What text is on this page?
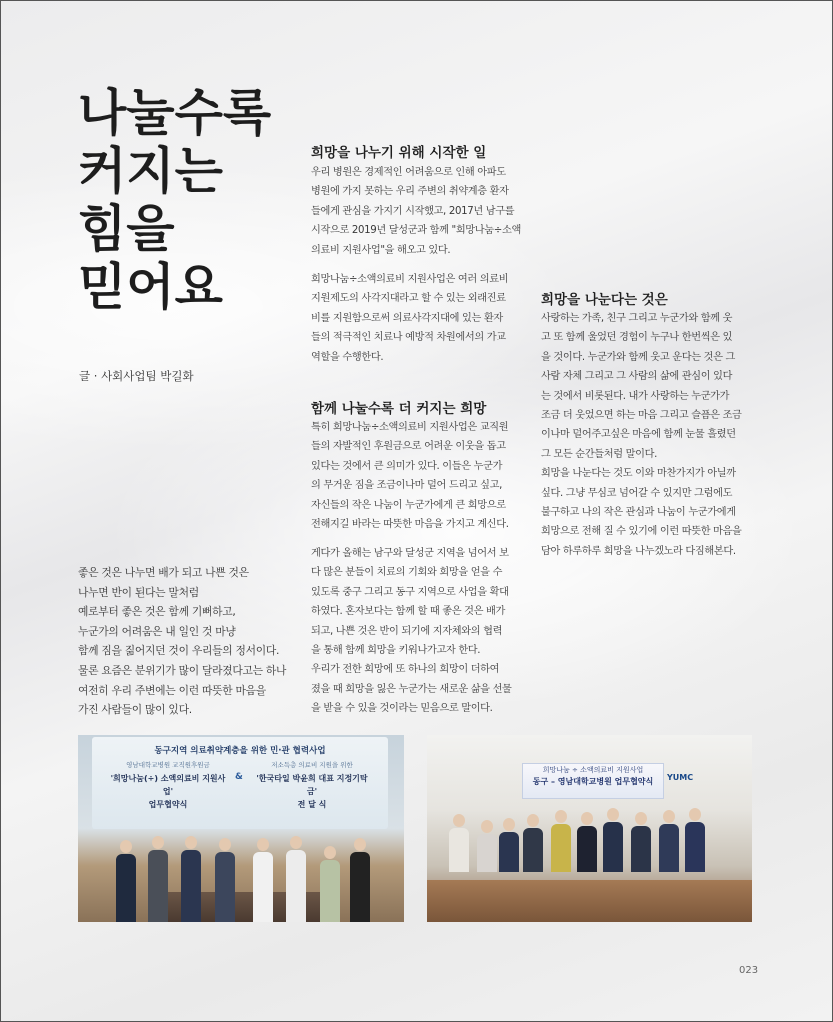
나눌수록
커지는
힘을
믿어요
글 · 사회사업팀 박길화

좋은 것은 나누면 배가 되고 나쁜 것은
나누면 반이 된다는 말처럼
예로부터 좋은 것은 함께 기뻐하고,
누군가의 어려움은 내 일인 것 마냥
함께 짐을 짊어지던 것이 우리들의 정서이다.
물론 요즘은 분위기가 많이 달라졌다고는 하나
여전히 우리 주변에는 이런 따뜻한 마음을
가진 사람들이 많이 있다.

희망을 나누기 위해 시작한 일

우리 병원은 경제적인 어려움으로 인해 아파도
병원에 가지 못하는 우리 주변의 취약계층 환자
들에게 관심을 가지기 시작했고, 2017년 남구를
시작으로 2019년 달성군과 함께 "희망나눔÷소액
의료비 지원사업"을 해오고 있다.

희망나눔÷소액의료비 지원사업은 여러 의료비
지원제도의 사각지대라고 할 수 있는 외래진료
비를 지원함으로써 의료사각지대에 있는 환자
들의 적극적인 치료나 예방적 차원에서의 가교
역할을 수행한다.

함께 나눌수록 더 커지는 희망

특히 희망나눔÷소액의료비 지원사업은 교직원
들의 자발적인 후원금으로 어려운 이웃을 돕고
있다는 것에서 큰 의미가 있다. 이들은 누군가
의 무거운 짐을 조금이나마 덜어 드리고 싶고,
자신들의 작은 나눔이 누군가에게 큰 희망으로
전해지길 바라는 따뜻한 마음을 가지고 계신다.

게다가 올해는 남구와 달성군 지역을 넘어서 보
다 많은 분들이 치료의 기회와 희망을 얻을 수
있도록 중구 그리고 동구 지역으로 사업을 확대
하였다. 혼자보다는 함께 할 때 좋은 것은 배가
되고, 나쁜 것은 반이 되기에 지자체와의 협력
을 통해 함께 희망을 키워나가고자 한다.
우리가 전한 희망에 또 하나의 희망이 더하여
졌을 때 희망을 잃은 누군가는 새로운 삶을 선물
을 받을 수 있을 것이라는 믿음으로 말이다.

희망을 나눈다는 것은

사랑하는 가족, 친구 그리고 누군가와 함께 웃
고 또 함께 울었던 경험이 누구나 한번씩은 있
을 것이다. 누군가와 함께 웃고 운다는 것은 그
사람 자체 그리고 그 사람의 삶에 관심이 있다
는 것에서 비롯된다. 내가 사랑하는 누군가가
조금 더 웃었으면 하는 마음 그리고 슬픔은 조금
이나마 덜어주고싶은 마음에 함께 눈물 흘렸던
그 모든 순간들처럼 말이다.
희망을 나눈다는 것도 이와 마찬가지가 아닐까
싶다. 그냥 무심코 넘어갈 수 있지만 그럼에도
불구하고 나의 작은 관심과 나눔이 누군가에게
희망으로 전해 질 수 있기에 이런 따뜻한 마음을
담아 하루하루 희망을 나누겠노라 다짐해본다.

동구지역 의료취약계층을 위한 민·관 협력사업
영남대학교병원 교직원후원금
'희망나눔(÷) 소액의료비 지원사업'
업무협약식
&
저소득층 의료비 지원을 위한
'한국타일 박윤희 대표 지정기탁금'
전 달 식
희망나눔 ÷ 소액의료비 지원사업
동구 – 영남대학교병원 업무협약식	YUMC
023
